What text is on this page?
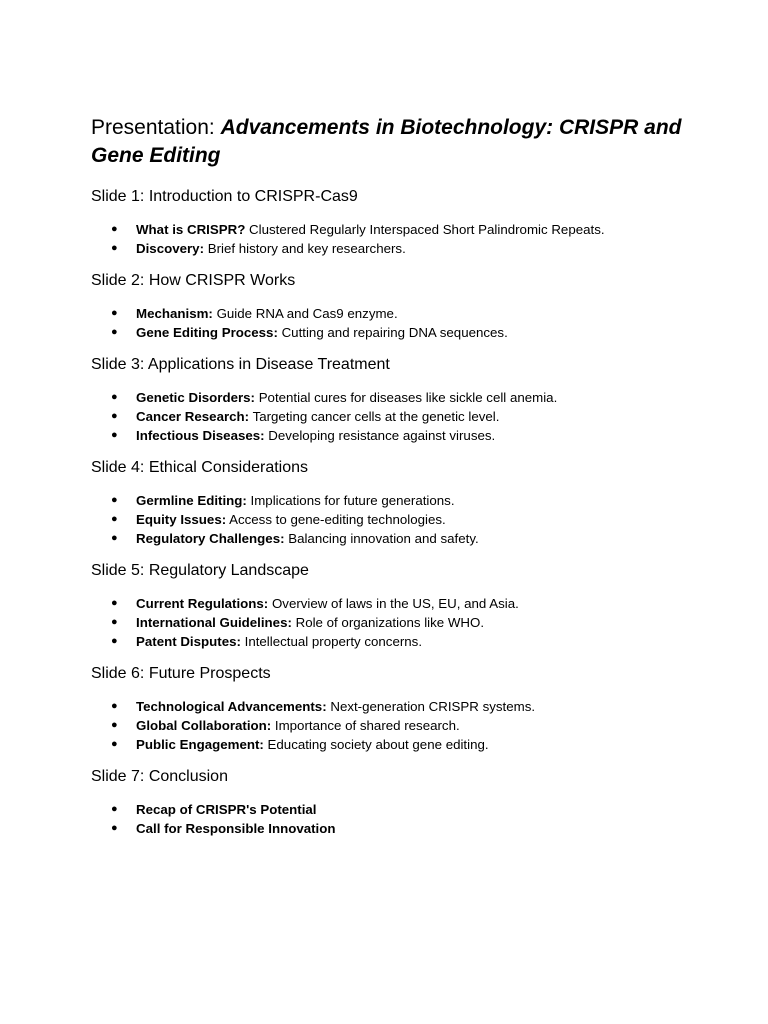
Presentation: Advancements in Biotechnology: CRISPR and Gene Editing
Slide 1: Introduction to CRISPR-Cas9
● What is CRISPR? Clustered Regularly Interspaced Short Palindromic Repeats.
● Discovery: Brief history and key researchers.
Slide 2: How CRISPR Works
● Mechanism: Guide RNA and Cas9 enzyme.
● Gene Editing Process: Cutting and repairing DNA sequences.
Slide 3: Applications in Disease Treatment
● Genetic Disorders: Potential cures for diseases like sickle cell anemia.
● Cancer Research: Targeting cancer cells at the genetic level.
● Infectious Diseases: Developing resistance against viruses.
Slide 4: Ethical Considerations
● Germline Editing: Implications for future generations.
● Equity Issues: Access to gene-editing technologies.
● Regulatory Challenges: Balancing innovation and safety.
Slide 5: Regulatory Landscape
● Current Regulations: Overview of laws in the US, EU, and Asia.
● International Guidelines: Role of organizations like WHO.
● Patent Disputes: Intellectual property concerns.
Slide 6: Future Prospects
● Technological Advancements: Next-generation CRISPR systems.
● Global Collaboration: Importance of shared research.
● Public Engagement: Educating society about gene editing.
Slide 7: Conclusion
● Recap of CRISPR's Potential
● Call for Responsible Innovation
